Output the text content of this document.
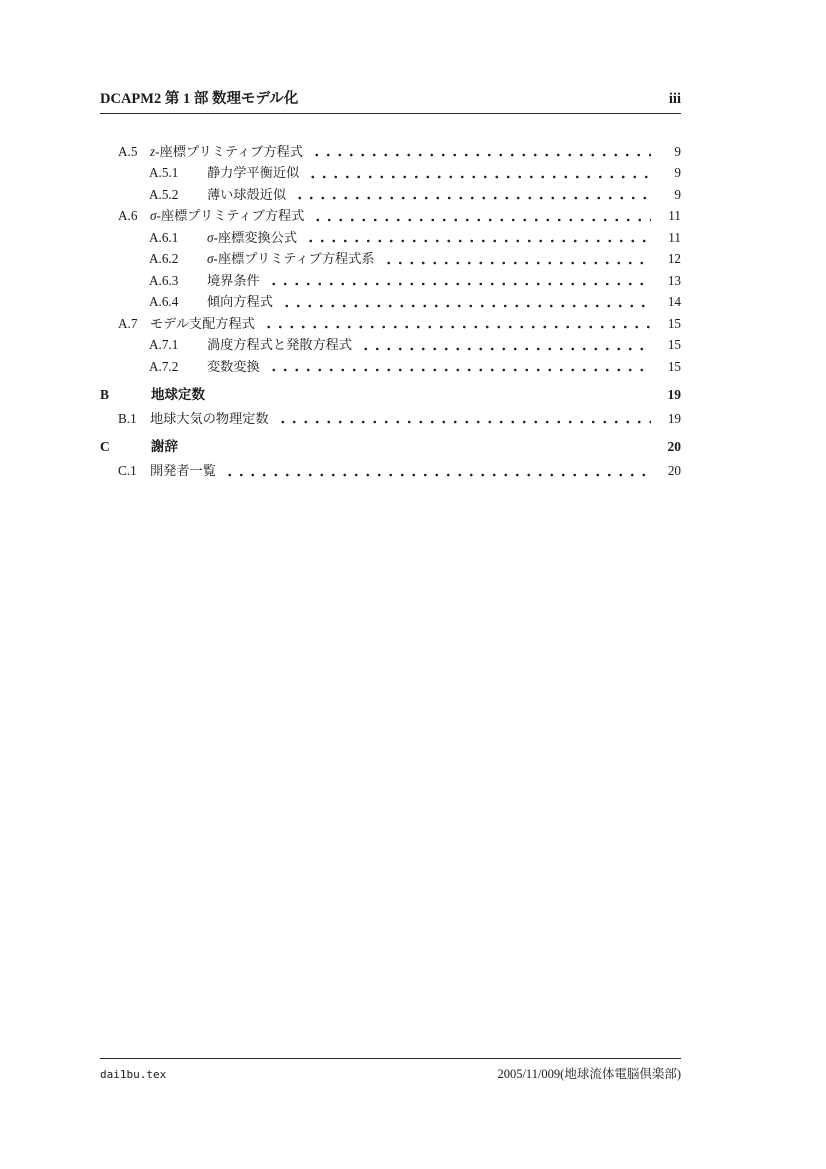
DCAPM2 第 1 部 数理モデル化	iii
A.5 z-座標プリミティブ方程式	9
A.5.1	静力学平衡近似	9
A.5.2	薄い球殻近似	9
A.6 σ-座標プリミティブ方程式	11
A.6.1	σ-座標変換公式	11
A.6.2	σ-座標プリミティブ方程式系	12
A.6.3	境界条件	13
A.6.4	傾向方程式	14
A.7 モデル支配方程式	15
A.7.1	渦度方程式と発散方程式	15
A.7.2	変数変換	15
B	地球定数	19
B.1	地球大気の物理定数	19
C	謝辞	20
C.1	開発者一覧	20
dai1bu.tex	2005/11/009(地球流体電脳倶楽部)
